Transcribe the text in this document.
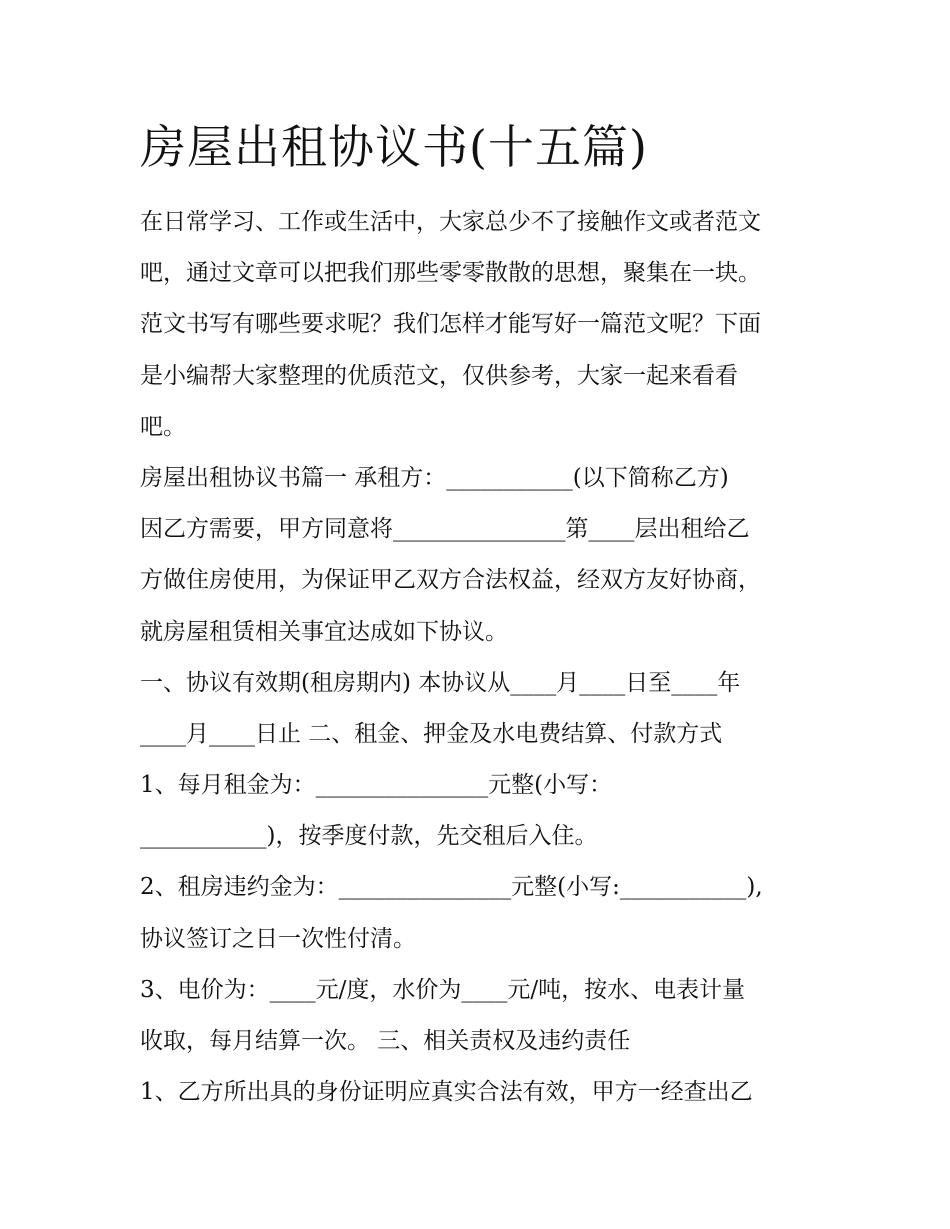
房屋出租协议书(十五篇)
在日常学习、工作或生活中，大家总少不了接触作文或者范文
吧，通过文章可以把我们那些零零散散的思想，聚集在一块。
范文书写有哪些要求呢？我们怎样才能写好一篇范文呢？下面
是小编帮大家整理的优质范文，仅供参考，大家一起来看看
吧。
房屋出租协议书篇一 承租方：___________(以下简称乙方)
因乙方需要，甲方同意将_______________第____层出租给乙
方做住房使用，为保证甲乙双方合法权益，经双方友好协商，
就房屋租赁相关事宜达成如下协议。
一、协议有效期(租房期内) 本协议从____月____日至____年
____月____日止 二、租金、押金及水电费结算、付款方式
1、每月租金为：_______________元整(小写：
___________)，按季度付款，先交租后入住。
2、租房违约金为：_______________元整(小写:___________),
协议签订之日一次性付清。
3、电价为：____元/度，水价为____元/吨，按水、电表计量
收取，每月结算一次。 三、相关责权及违约责任
1、乙方所出具的身份证明应真实合法有效，甲方一经查出乙
